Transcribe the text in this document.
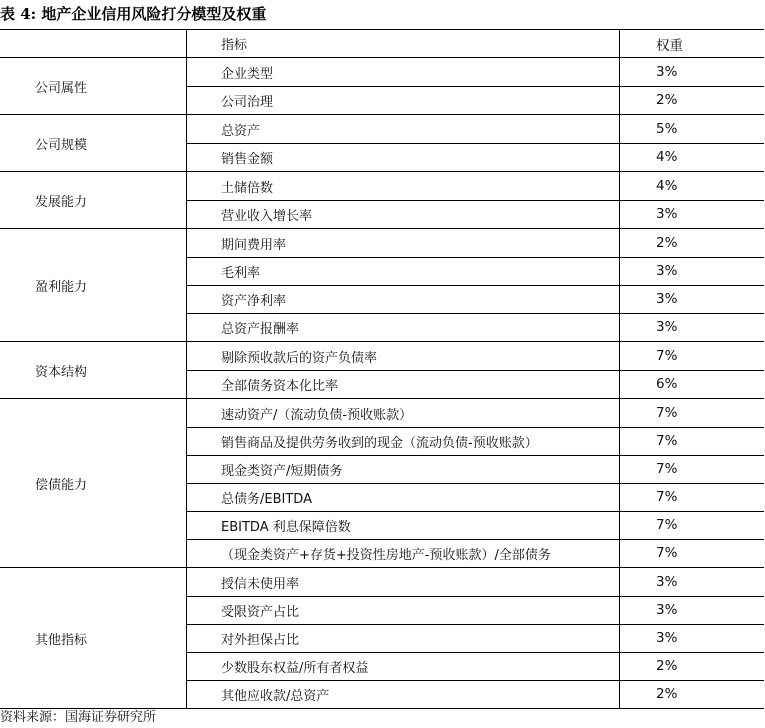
表 4: 地产企业信用风险打分模型及权重
指标	权重
公司属性
企业类型	3%
公司治理	2%
公司规模
总资产	5%
销售金额	4%
发展能力
土储倍数	4%
营业收入增长率	3%
盈利能力
期间费用率	2%
毛利率	3%
资产净利率	3%
总资产报酬率	3%
资本结构
剔除预收款后的资产负债率	7%
全部债务资本化比率	6%
偿债能力
速动资产/（流动负债-预收账款）	7%
销售商品及提供劳务收到的现金（流动负债-预收账款）	7%
现金类资产/短期债务	7%
总债务/EBITDA	7%
EBITDA 利息保障倍数	7%
（现金类资产+存货+投资性房地产-预收账款）/全部债务	7%
其他指标
授信未使用率	3%
受限资产占比	3%
对外担保占比	3%
少数股东权益/所有者权益	2%
其他应收款/总资产	2%
资料来源：国海证券研究所
